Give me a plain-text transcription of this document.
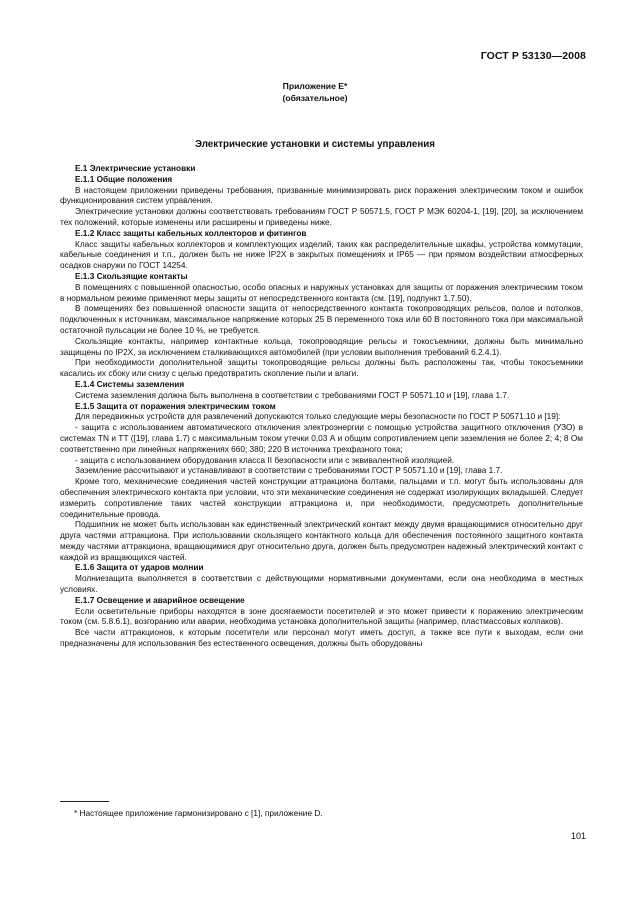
ГОСТ Р 53130—2008
Приложение Е*
(обязательное)
Электрические установки и системы управления

Е.1 Электрические установки

Е.1.1 Общие положения

В настоящем приложении приведены требования, призванные минимизировать риск поражения электрическим током и ошибок функционирования систем управления.

Электрические установки должны соответствовать требованиям ГОСТ Р 50571.5, ГОСТ Р МЭК 60204-1, [19], [20], за исключением тех положений, которые изменены или расширены и приведены ниже.

Е.1.2 Класс защиты кабельных коллекторов и фитингов

Класс защиты кабельных коллекторов и комплектующих изделий, таких как распределительные шкафы, устройства коммутации, кабельные соединения и т.п., должен быть не ниже IP2X в закрытых помещениях и IP65 — при прямом воздействии атмосферных осадков снаружи по ГОСТ 14254.

Е.1.3 Скользящие контакты

В помещениях с повышенной опасностью, особо опасных и наружных установках для защиты от поражения электрическим током в нормальном режиме применяют меры защиты от непосредственного контакта (см. [19], подпункт 1.7.50).

В помещениях без повышенной опасности защита от непосредственного контакта токопроводящих рельсов, полов и потолков, подключенных к источникам, максимальное напряжение которых 25 В переменного тока или 60 В постоянного тока при максимальной остаточной пульсации не более 10 %, не требуется.

Скользящие контакты, например контактные кольца, токопроводящие рельсы и токосъемники, должны быть минимально защищены по IP2X, за исключением сталкивающихся автомобилей (при условии выполнения требований 6.2.4.1).

При необходимости дополнительной защиты токопроводящие рельсы должны быть расположены так, чтобы токосъемники касались их сбоку или снизу с целью предотвратить скопление пыли и влаги.

Е.1.4 Системы заземления

Система заземления должна быть выполнена в соответствии с требованиями ГОСТ Р 50571.10 и [19], глава 1.7.

Е.1.5 Защита от поражения электрическим током

Для передвижных устройств для развлечений допускаются только следующие меры безопасности по ГОСТ Р 50571.10 и [19]:

- защита с использованием автоматического отключения электроэнергии с помощью устройства защитного отключения (УЗО) в системах TN и TT ([19], глава 1.7) с максимальным током утечки 0,03 А и общим сопротивлением цепи заземления не более 2; 4; 8 Ом соответственно при линейных напряжениях 660; 380; 220 В источника трехфазного тока;

- защита с использованием оборудования класса II безопасности или с эквивалентной изоляцией.

Заземление рассчитывают и устанавливают в соответствии с требованиями ГОСТ Р 50571.10 и [19], глава 1.7.

Кроме того, механические соединения частей конструкции аттракциона болтами, пальцами и т.п. могут быть использованы для обеспечения электрического контакта при условии, что эти механические соединения не содержат изолирующих вкладышей. Следует измерить сопротивление таких частей конструкции аттракциона и, при необходимости, предусмотреть дополнительные соединительные провода.

Подшипник не может быть использован как единственный электрический контакт между двумя вращающимися относительно друг друга частями аттракциона. При использовании скользящего контактного кольца для обеспечения постоянного защитного контакта между частями аттракциона, вращающимися друг относительно друга, должен быть предусмотрен надежный электрический контакт с каждой из вращающихся частей.

Е.1.6 Защита от ударов молнии

Молниезащита выполняется в соответствии с действующими нормативными документами, если она необходима в местных условиях.

Е.1.7 Освещение и аварийное освещение

Если осветительные приборы находятся в зоне досягаемости посетителей и это может привести к поражению электрическим током (см. 5.8.6.1), возгоранию или аварии, необходима установка дополнительной защиты (например, пластмассовых колпаков).

Все части аттракционов, к которым посетители или персонал могут иметь доступ, а также все пути к выходам, если они предназначены для использования без естественного освещения, должны быть оборудованы

* Настоящее приложение гармонизировано с [1], приложение D.
101
